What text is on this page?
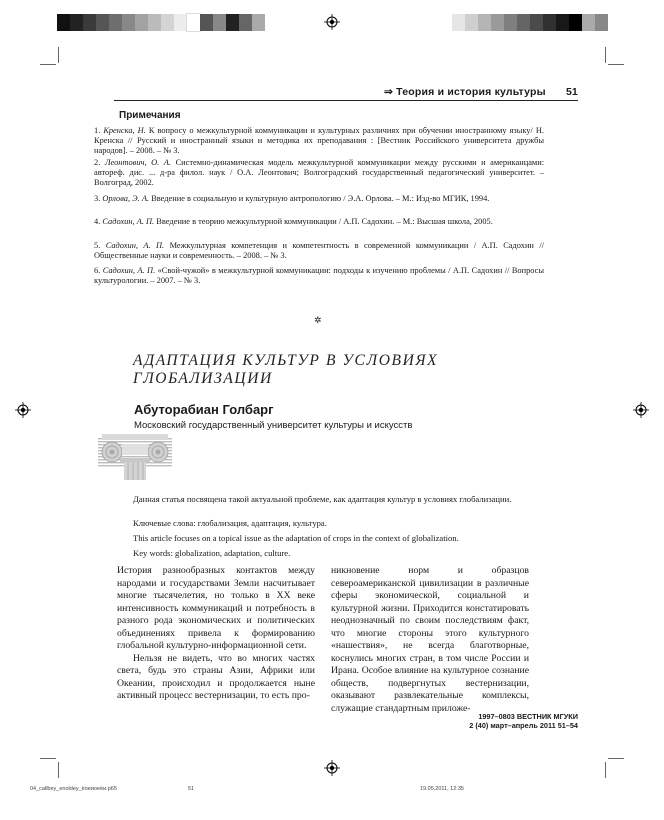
⇒ Теория и история культуры 51
Примечания
1. Кренска, Н. К вопросу о межкультурной коммуникации и культурных различиях при обучении иностранному языку/ Н. Кренска // Русский и иностранный языки и методика их преподавания : [Вестник Российского университета дружбы народов]. – 2008. – № 3.
2. Леонтович, О. А. Системно-динамическая модель межкультурной коммуникации между русскими и американцами: автореф. дис. ... д-ра филол. наук / О.А. Леонтович; Волгоградский государственный педагогический университет. – Волгоград, 2002.
3. Орлова, Э. А. Введение в социальную и культурную антропологию / Э.А. Орлова. – М.: Изд-во МГИК, 1994.
4. Садохин, А. П. Введение в теорию межкультурной коммуникации / А.П. Садохин. – М.: Высшая школа, 2005.
5. Садохин, А. П. Межкультурная компетенция и компетентность в современной коммуникации / А.П. Садохин // Общественные науки и современность. – 2008. – № 3.
6. Садохин, А. П. «Свой-чужой» в межкультурной коммуникации: подходы к изучению проблемы / А.П. Садохин // Вопросы культурологии. – 2007. – № 3.
✲
АДАПТАЦИЯ КУЛЬТУР В УСЛОВИЯХ
ГЛОБАЛИЗАЦИИ
Абуторабиан Голбарг
Московский государственный университет культуры и искусств
Данная статья посвящена такой актуальной проблеме, как адаптация культур в условиях глобализации.
Ключевые слова: глобализация, адаптация, культура.
This article focuses on a topical issue as the adaptation of crops in the context of globalization.
Key words: globalization, adaptation, culture.

История разнообразных контактов между народами и государствами Земли насчитывает многие тысячелетия, но только в XX веке интенсивность коммуникаций и потребность в разного рода экономических и политических объединениях привела к формированию глобальной культурно-информационной сети.

Нельзя не видеть, что во многих частях света, будь это страны Азии, Африки или Океании, происходил и продолжается ныне активный процесс вестернизации, то есть про-

никновение норм и образцов североамериканской цивилизации в различные сферы экономической, социальной и культурной жизни. Приходится констатировать неоднозначный по своим последствиям факт, что многие стороны этого культурного «нашествия», не всегда благотворные, коснулись многих стран, в том числе России и Ирана. Особое влияние на культурное сознание обществ, подвергнутых вестернизации, оказывают развлекательные комплексы, служащие стандартным приложе-

1997–0803 ВЕСТНИК МГУКИ
2 (40) март–апрель 2011 51–54
04_callbey_enoldey_ёоеиоеёи.p65	51	19.05.2011, 12:35
